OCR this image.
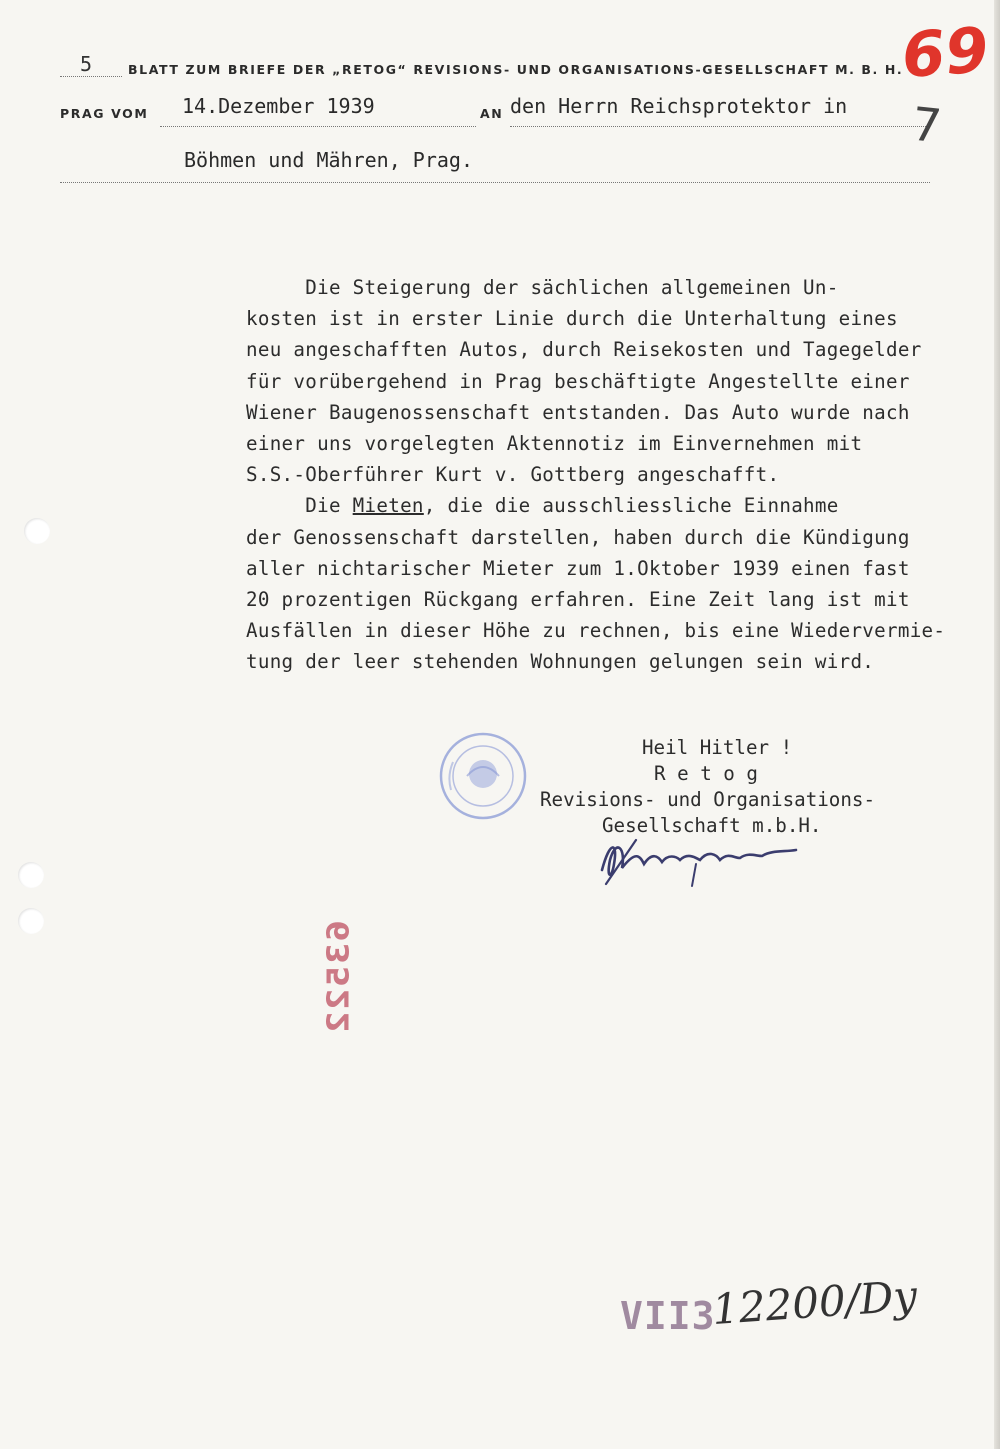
5	BLATT ZUM BRIEFE DER „RETOG“ REVISIONS- UND ORGANISATIONS-GESELLSCHAFT M. B. H.
PRAG VOM 14.Dezember 1939	AN den Herrn Reichsprotektor in
Böhmen und Mähren, Prag.
69
7
Die Steigerung der sächlichen allgemeinen Un-
kosten ist in erster Linie durch die Unterhaltung eines
neu angeschafften Autos, durch Reisekosten und Tagegelder
für vorübergehend in Prag beschäftigte Angestellte einer
Wiener Baugenossenschaft entstanden. Das Auto wurde nach
einer uns vorgelegten Aktennotiz im Einvernehmen mit
S.S.-Oberführer Kurt v. Gottberg angeschafft.
Die Mieten, die die ausschliessliche Einnahme
der Genossenschaft darstellen, haben durch die Kündigung
aller nichtarischer Mieter zum 1.Oktober 1939 einen fast
20 prozentigen Rückgang erfahren. Eine Zeit lang ist mit
Ausfällen in dieser Höhe zu rechnen, bis eine Wiedervermie-
tung der leer stehenden Wohnungen gelungen sein wird.
Heil Hitler !
R e t o g
Revisions- und Organisations-
Gesellschaft m.b.H.
63522
VII3
12200/Dy
